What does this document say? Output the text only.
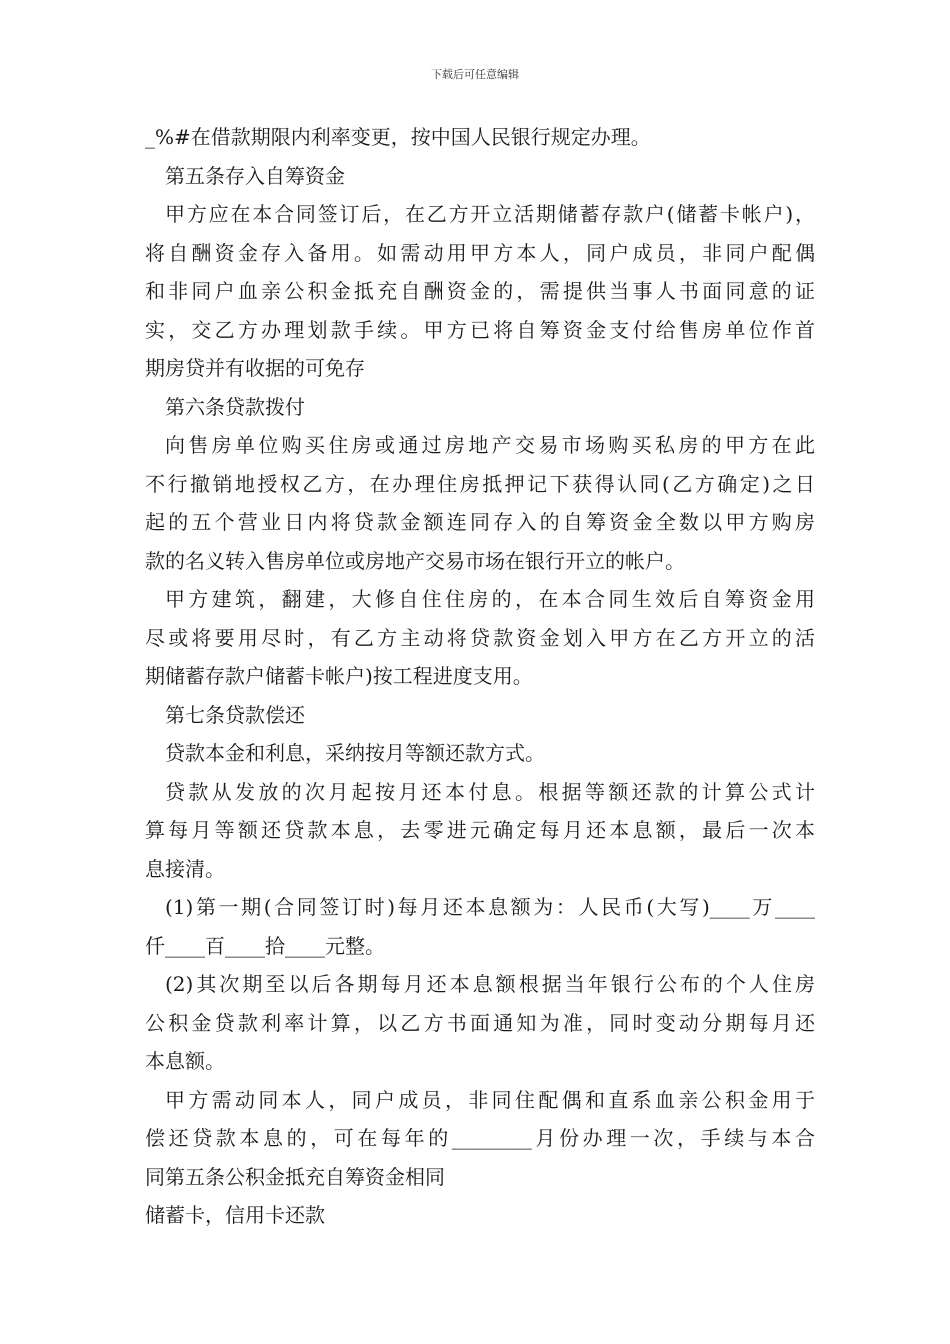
下载后可任意编辑
_%#在借款期限内利率变更，按中国人民银行规定办理。
第五条存入自筹资金
甲方应在本合同签订后，在乙方开立活期储蓄存款户(储蓄卡帐户)，
将自酬资金存入备用。如需动用甲方本人，同户成员，非同户配偶
和非同户血亲公积金抵充自酬资金的，需提供当事人书面同意的证
实，交乙方办理划款手续。甲方已将自筹资金支付给售房单位作首
期房贷并有收据的可免存
第六条贷款拨付
向售房单位购买住房或通过房地产交易市场购买私房的甲方在此
不行撤销地授权乙方，在办理住房抵押记下获得认同(乙方确定)之日
起的五个营业日内将贷款金额连同存入的自筹资金全数以甲方购房
款的名义转入售房单位或房地产交易市场在银行开立的帐户。
甲方建筑，翻建，大修自住住房的，在本合同生效后自筹资金用
尽或将要用尽时，有乙方主动将贷款资金划入甲方在乙方开立的活
期储蓄存款户储蓄卡帐户)按工程进度支用。
第七条贷款偿还
贷款本金和利息，采纳按月等额还款方式。
贷款从发放的次月起按月还本付息。根据等额还款的计算公式计
算每月等额还贷款本息，去零进元确定每月还本息额，最后一次本
息接清。
(1)第一期(合同签订时)每月还本息额为：人民币(大写)____万____
仟____百____拾____元整。
(2)其次期至以后各期每月还本息额根据当年银行公布的个人住房
公积金贷款利率计算，以乙方书面通知为准，同时变动分期每月还
本息额。
甲方需动同本人，同户成员，非同住配偶和直系血亲公积金用于
偿还贷款本息的，可在每年的________月份办理一次，手续与本合
同第五条公积金抵充自筹资金相同
储蓄卡，信用卡还款
